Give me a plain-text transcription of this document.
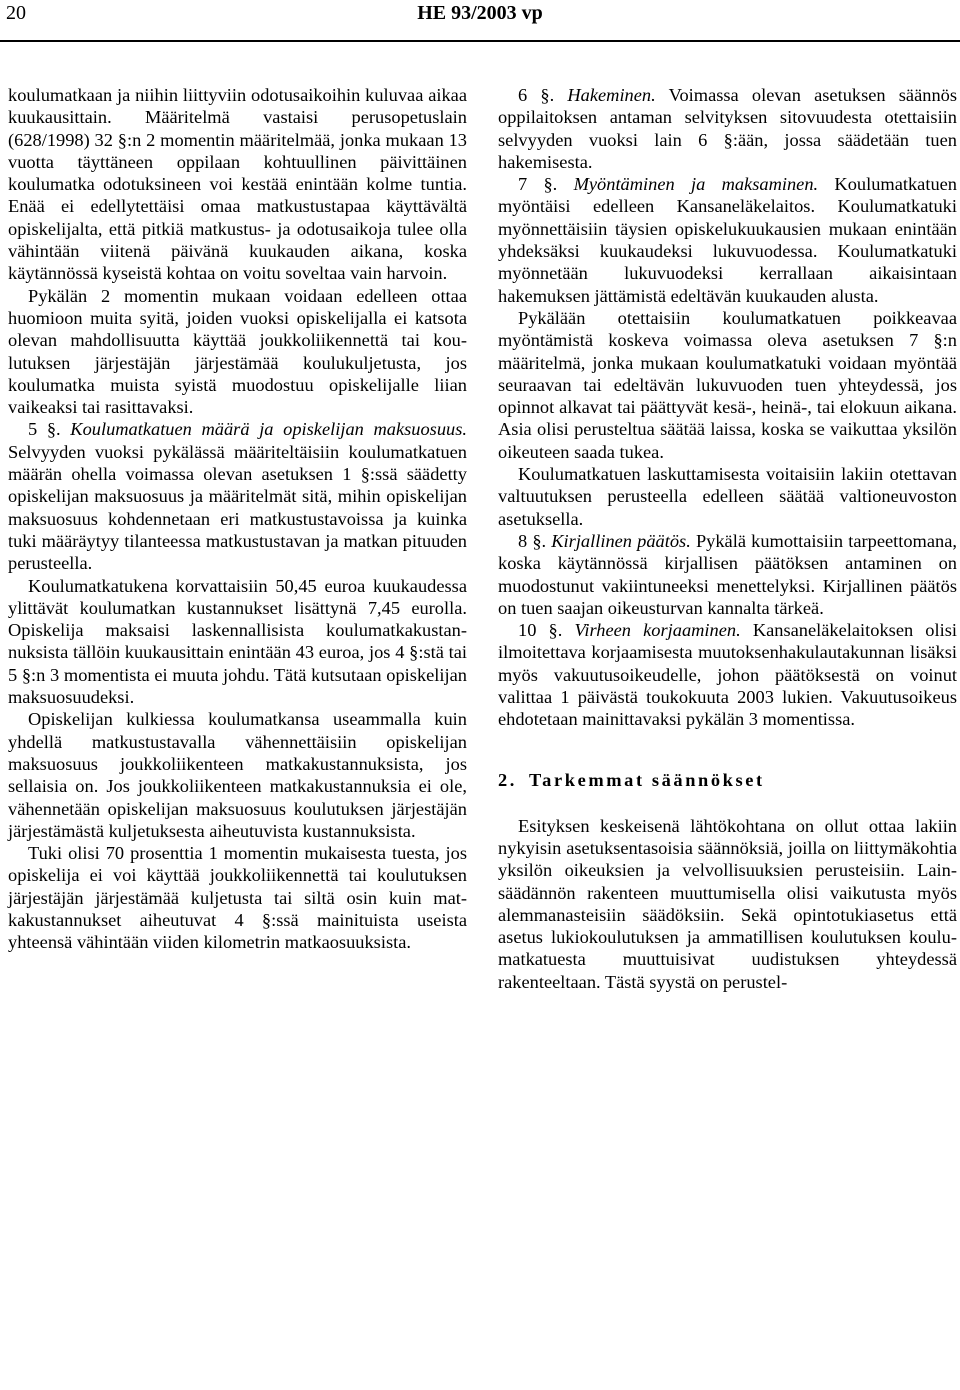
20	HE 93/2003 vp

koulumatkaan ja niihin liittyviin odotusaikoihin kuluvaa aikaa kuukausittain. Määritelmä vastaisi perusopetuslain (628/1998) 32 §:n 2 momentin määritelmää, jonka mukaan 13 vuotta täyttäneen oppilaan kohtuullinen päivittäinen koulumatka odotuksineen voi kestää enintään kolme tuntia. Enää ei edellytettäisi omaa matkustustapaa käyttävältä opiskelijalta, että pitkiä matkustus- ja odotusaikoja tulee olla vähintään viitenä päivänä kuukauden aikana, koska käytännössä kyseistä kohtaa on voitu soveltaa vain harvoin.

Pykälän 2 momentin mukaan voidaan edelleen ottaa huomioon muita syitä, joiden vuoksi opiskelijalla ei katsota olevan mahdollisuutta käyttää joukkoliikennettä tai koulutuksen järjestäjän järjestämää koulukuljetusta, jos koulumatka muista syistä muodostuu opiskelijalle liian vaikeaksi tai rasittavaksi.

5 §. Koulumatkatuen määrä ja opiskelijan maksuosuus. Selvyyden vuoksi pykälässä määriteltäisiin koulumatkatuen määrän ohella voimassa olevan asetuksen 1 §:ssä säädetty opiskelijan maksuosuus ja määritelmät sitä, mihin opiskelijan maksuosuus kohdennetaan eri matkustustavoissa ja kuinka tuki määräytyy tilanteessa matkustustavan ja matkan pituuden perusteella.

Koulumatkatukena korvattaisiin 50,45 euroa kuukaudessa ylittävät koulumatkan kustannukset lisättynä 7,45 eurolla. Opiskelija maksaisi laskennallisista koulumatkakustannuksista tällöin kuukausittain enintään 43 euroa, jos 4 §:stä tai 5 §:n 3 momentista ei muuta johdu. Tätä kutsutaan opiskelijan maksuosuudeksi.

Opiskelijan kulkiessa koulumatkansa useammalla kuin yhdellä matkustustavalla vähennettäisiin opiskelijan maksuosuus joukkoliikenteen matkakustannuksista, jos sellaisia on. Jos joukkoliikenteen matkakustannuksia ei ole, vähennetään opiskelijan maksuosuus koulutuksen järjestäjän järjestämästä kuljetuksesta aiheutuvista kustannuksista.

Tuki olisi 70 prosenttia 1 momentin mukaisesta tuesta, jos opiskelija ei voi käyttää joukkoliikennettä tai koulutuksen järjestäjän järjestämää kuljetusta tai siltä osin kuin matkakustannukset aiheutuvat 4 §:ssä mainituista useista yhteensä vähintään viiden kilometrin matkaosuuksista.

6 §. Hakeminen. Voimassa olevan asetuksen säännös oppilaitoksen antaman selvityksen sitovuudesta otettaisiin selvyyden vuoksi lain 6 §:ään, jossa säädetään tuen hakemisesta.

7 §. Myöntäminen ja maksaminen. Koulumatkatuen myöntäisi edelleen Kansaneläkelaitos. Koulumatkatuki myönnettäisiin täysien opiskelukuukausien mukaan enintään yhdeksäksi kuukaudeksi lukuvuodessa. Koulumatkatuki myönnetään lukuvuodeksi kerrallaan aikaisintaan hakemuksen jättämistä edeltävän kuukauden alusta.

Pykälään otettaisiin koulumatkatuen poikkeavaa myöntämistä koskeva voimassa oleva asetuksen 7 §:n määritelmä, jonka mukaan koulumatkatuki voidaan myöntää seuraavan tai edeltävän lukuvuoden tuen yhteydessä, jos opinnot alkavat tai päättyvät kesä-, heinä-, tai elokuun aikana. Asia olisi perusteltua säätää laissa, koska se vaikuttaa yksilön oikeuteen saada tukea.

Koulumatkatuen laskuttamisesta voitaisiin lakiin otettavan valtuutuksen perusteella edelleen säätää valtioneuvoston asetuksella.

8 §. Kirjallinen päätös. Pykälä kumottaisiin tarpeettomana, koska käytännössä kirjallisen päätöksen antaminen on muodostunut vakiintuneeksi menettelyksi. Kirjallinen päätös on tuen saajan oikeusturvan kannalta tärkeä.

10 §. Virheen korjaaminen. Kansaneläkelaitoksen olisi ilmoitettava korjaamisesta muutoksenhakulautakunnan lisäksi myös vakuutusoikeudelle, johon päätöksestä on voinut valittaa 1 päivästä toukokuuta 2003 lukien. Vakuutusoikeus ehdotetaan mainittavaksi pykälän 3 momentissa.

2. Tarkemmat säännökset

Esityksen keskeisenä lähtökohtana on ollut ottaa lakiin nykyisin asetuksentasoisia säännöksiä, joilla on liittymäkohtia yksilön oikeuksien ja velvollisuuksien perusteisiin. Lainsäädännön rakenteen muuttumisella olisi vaikutusta myös alemmanasteisiin säädöksiin. Sekä opintotukiasetus että asetus lukiokoulutuksen ja ammatillisen koulutuksen koulumatkatuesta muuttuisivat uudistuksen yhteydessä rakenteeltaan. Tästä syystä on perustel-
